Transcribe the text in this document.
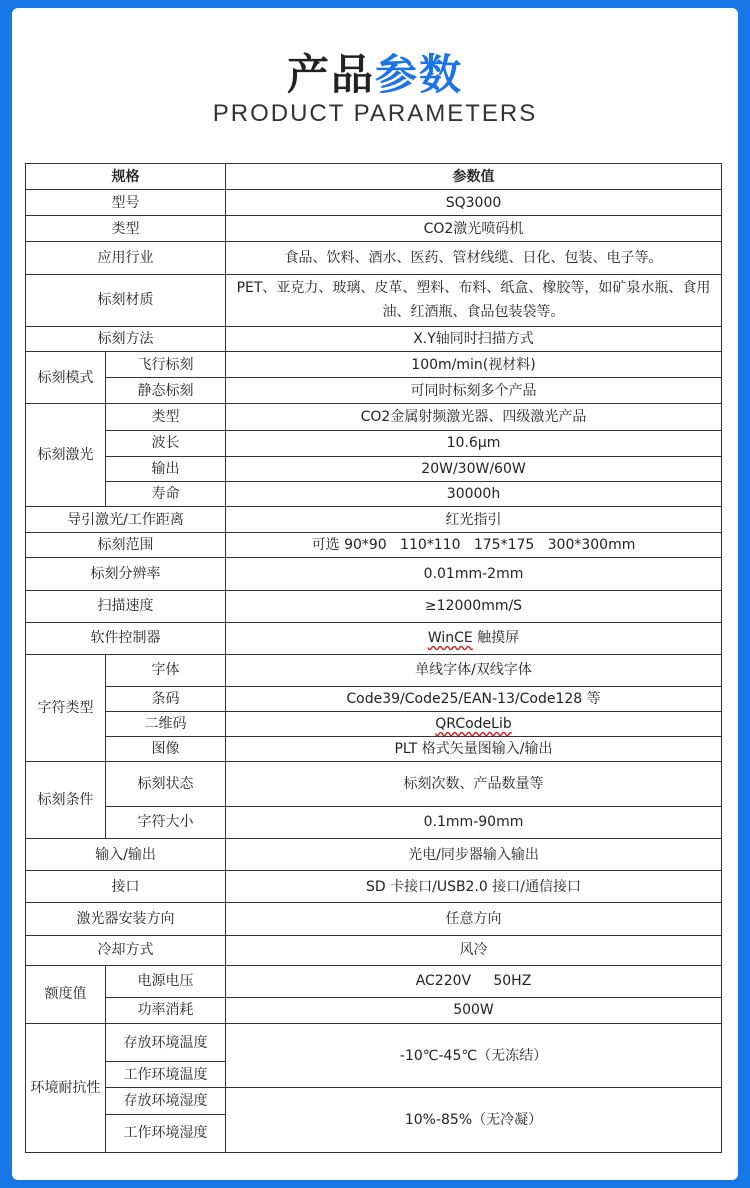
产品参数
PRODUCT PARAMETERS
规格		参数值
型号		SQ3000
类型		CO2激光喷码机
应用行业		食品、饮料、酒水、医药、管材线缆、日化、包装、电子等。
标刻材质		PET、亚克力、玻璃、皮革、塑料、布料、纸盒、橡胶等，如矿泉水瓶、食用油、红酒瓶、食品包装袋等。
标刻方法		X.Y轴同时扫描方式
标刻模式	飞行标刻	100m/min(视材料)
	静态标刻	可同时标刻多个产品
标刻激光	类型	CO2金属射频激光器、四级激光产品
	波长	10.6μm
	输出	20W/30W/60W
	寿命	30000h
导引激光/工作距离		红光指引
标刻范围		可选 90*90   110*110   175*175   300*300mm
标刻分辨率		0.01mm-2mm
扫描速度		≥12000mm/S
软件控制器		WinCE 触摸屏
字符类型	字体	单线字体/双线字体
	条码	Code39/Code25/EAN-13/Code128 等
	二维码	QRCodeLib
	图像	PLT 格式矢量图输入/输出
标刻条件	标刻状态	标刻次数、产品数量等
	字符大小	0.1mm-90mm
输入/输出		光电/同步器输入输出
接口		SD 卡接口/USB2.0 接口/通信接口
激光器安装方向		任意方向
冷却方式		风冷
额度值	电源电压	AC220V     50HZ
	功率消耗	500W
环境耐抗性	存放环境温度	-10℃-45℃（无冻结）
	工作环境温度	
	存放环境湿度	10%-85%（无冷凝）
	工作环境湿度	
